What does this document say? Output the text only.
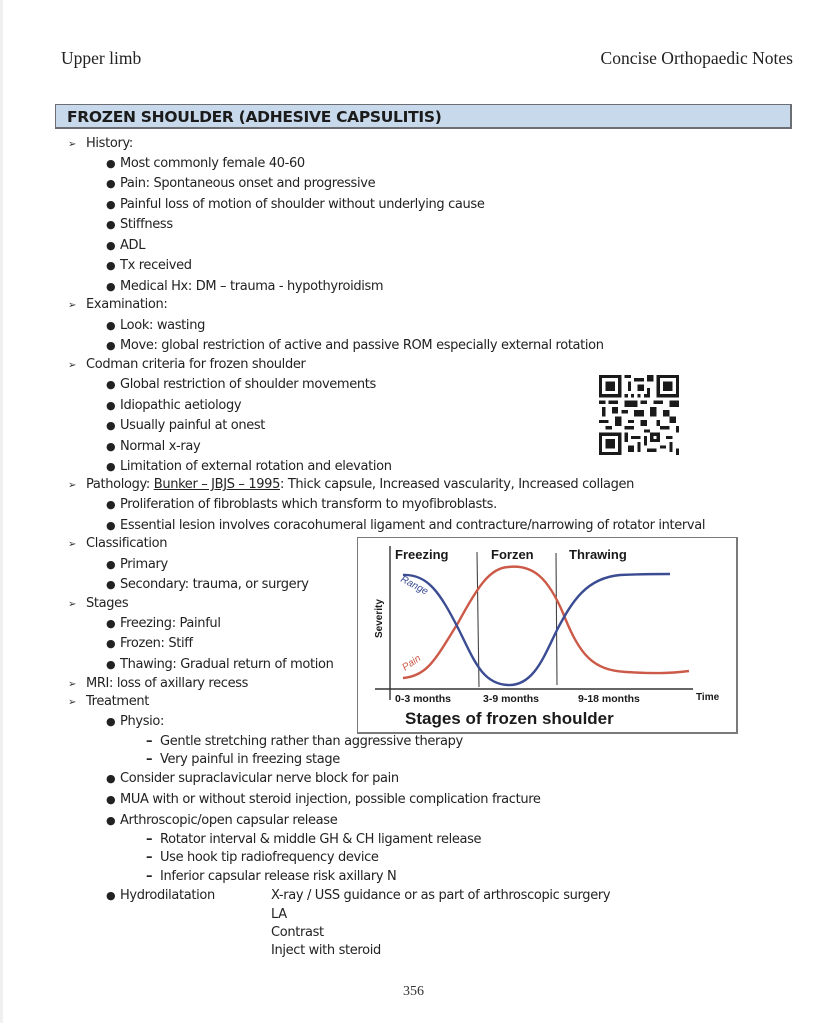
Upper limb	Concise Orthopaedic Notes
FROZEN SHOULDER (ADHESIVE CAPSULITIS)
➢ History:
● Most commonly female 40-60
● Pain: Spontaneous onset and progressive
● Painful loss of motion of shoulder without underlying cause
● Stiffness
● ADL
● Tx received
● Medical Hx: DM – trauma - hypothyroidism
➢ Examination:
● Look: wasting
● Move: global restriction of active and passive ROM especially external rotation
➢ Codman criteria for frozen shoulder
● Global restriction of shoulder movements
● Idiopathic aetiology
● Usually painful at onest
● Normal x-ray
● Limitation of external rotation and elevation
➢ Pathology: Bunker – JBJS – 1995: Thick capsule, Increased vascularity, Increased collagen
● Proliferation of fibroblasts which transform to myofibroblasts.
● Essential lesion involves coracohumeral ligament and contracture/narrowing of rotator interval
➢ Classification
● Primary
● Secondary: trauma, or surgery
➢ Stages
● Freezing: Painful
● Frozen: Stiff
● Thawing: Gradual return of motion
➢ MRI: loss of axillary recess
➢ Treatment
● Physio:
– Gentle stretching rather than aggressive therapy
– Very painful in freezing stage
● Consider supraclavicular nerve block for pain
● MUA with or without steroid injection, possible complication fracture
● Arthroscopic/open capsular release
– Rotator interval & middle GH & CH ligament release
– Use hook tip radiofrequency device
– Inferior capsular release risk axillary N
● Hydrodilatation	X-ray / USS guidance or as part of arthroscopic surgery
LA
Contrast
Inject with steroid
Range
Pain
Freezing	Forzen	Thrawing
Severity
0-3 months	3-9 months	9-18 months	Time
Stages of frozen shoulder
356
